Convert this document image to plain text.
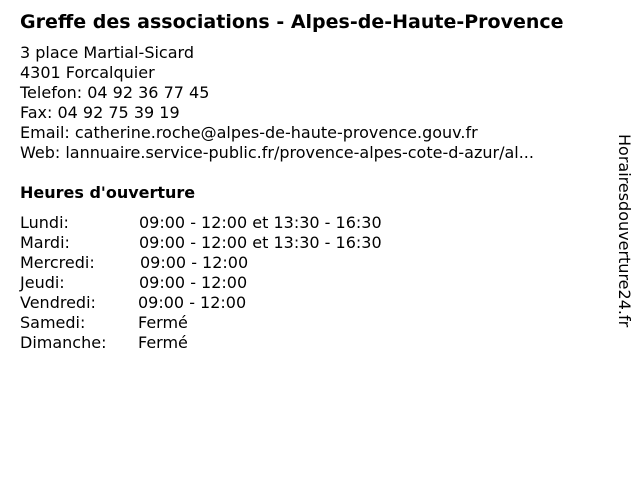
Greffe des associations - Alpes-de-Haute-Provence
3 place Martial-Sicard
4301 Forcalquier
Telefon: 04 92 36 77 45
Fax: 04 92 75 39 19
Email: catherine.roche@alpes-de-haute-provence.gouv.fr
Web: lannuaire.service-public.fr/provence-alpes-cote-d-azur/al...
Heures d'ouverture
Lundi:	09:00 - 12:00 et 13:30 - 16:30
Mardi:	09:00 - 12:00 et 13:30 - 16:30
Mercredi:	09:00 - 12:00
Jeudi:	09:00 - 12:00
Vendredi:	09:00 - 12:00
Samedi:	Fermé
Dimanche: Fermé
Horairesdouverture24.fr
